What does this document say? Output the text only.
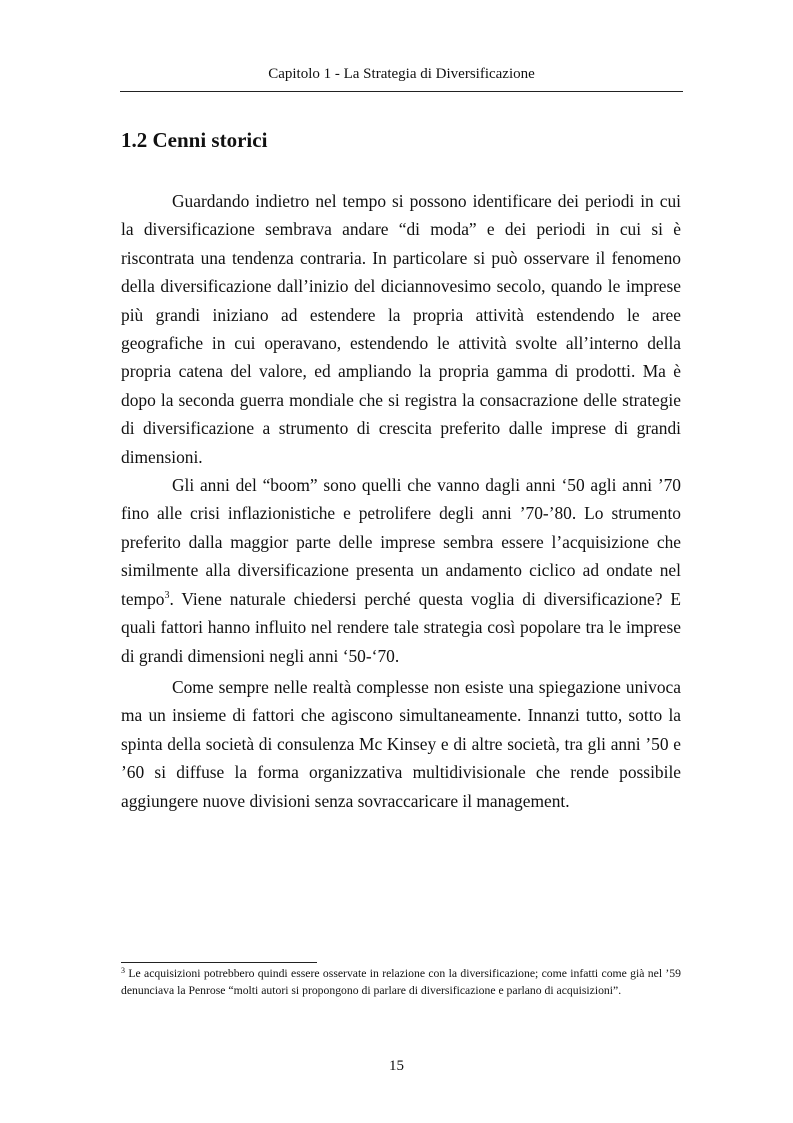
Capitolo 1 - La Strategia di Diversificazione
1.2 Cenni storici

Guardando indietro nel tempo si possono identificare dei periodi in cui la diversificazione sembrava andare “di moda” e dei periodi in cui si è riscontrata una tendenza contraria. In particolare si può osservare il fenomeno della diversificazione dall’inizio del diciannovesimo secolo, quando le imprese più grandi iniziano ad estendere la propria attività estendendo le aree geografiche in cui operavano, estendendo le attività svolte all’interno della propria catena del valore, ed ampliando la propria gamma di prodotti. Ma è dopo la seconda guerra mondiale che si registra la consacrazione delle strategie di diversificazione a strumento di crescita preferito dalle imprese di grandi dimensioni.

Gli anni del “boom” sono quelli che vanno dagli anni ‘50 agli anni ’70 fino alle crisi inflazionistiche e petrolifere degli anni ’70-’80. Lo strumento preferito dalla maggior parte delle imprese sembra essere l’acquisizione che similmente alla diversificazione presenta un andamento ciclico ad ondate nel tempo$^3$. Viene naturale chiedersi perché questa voglia di diversificazione? E quali fattori hanno influito nel rendere tale strategia così popolare tra le imprese di grandi dimensioni negli anni ‘50-‘70.

Come sempre nelle realtà complesse non esiste una spiegazione univoca ma un insieme di fattori che agiscono simultaneamente. Innanzi tutto, sotto la spinta della società di consulenza Mc Kinsey e di altre società, tra gli anni ’50 e ’60 si diffuse la forma organizzativa multidivisionale che rende possibile aggiungere nuove divisioni senza sovraccaricare il management.

$^3$ Le acquisizioni potrebbero quindi essere osservate in relazione con la diversificazione; come infatti come già nel ’59 denunciava la Penrose “molti autori si propongono di parlare di diversificazione e parlano di acquisizioni”.

15
